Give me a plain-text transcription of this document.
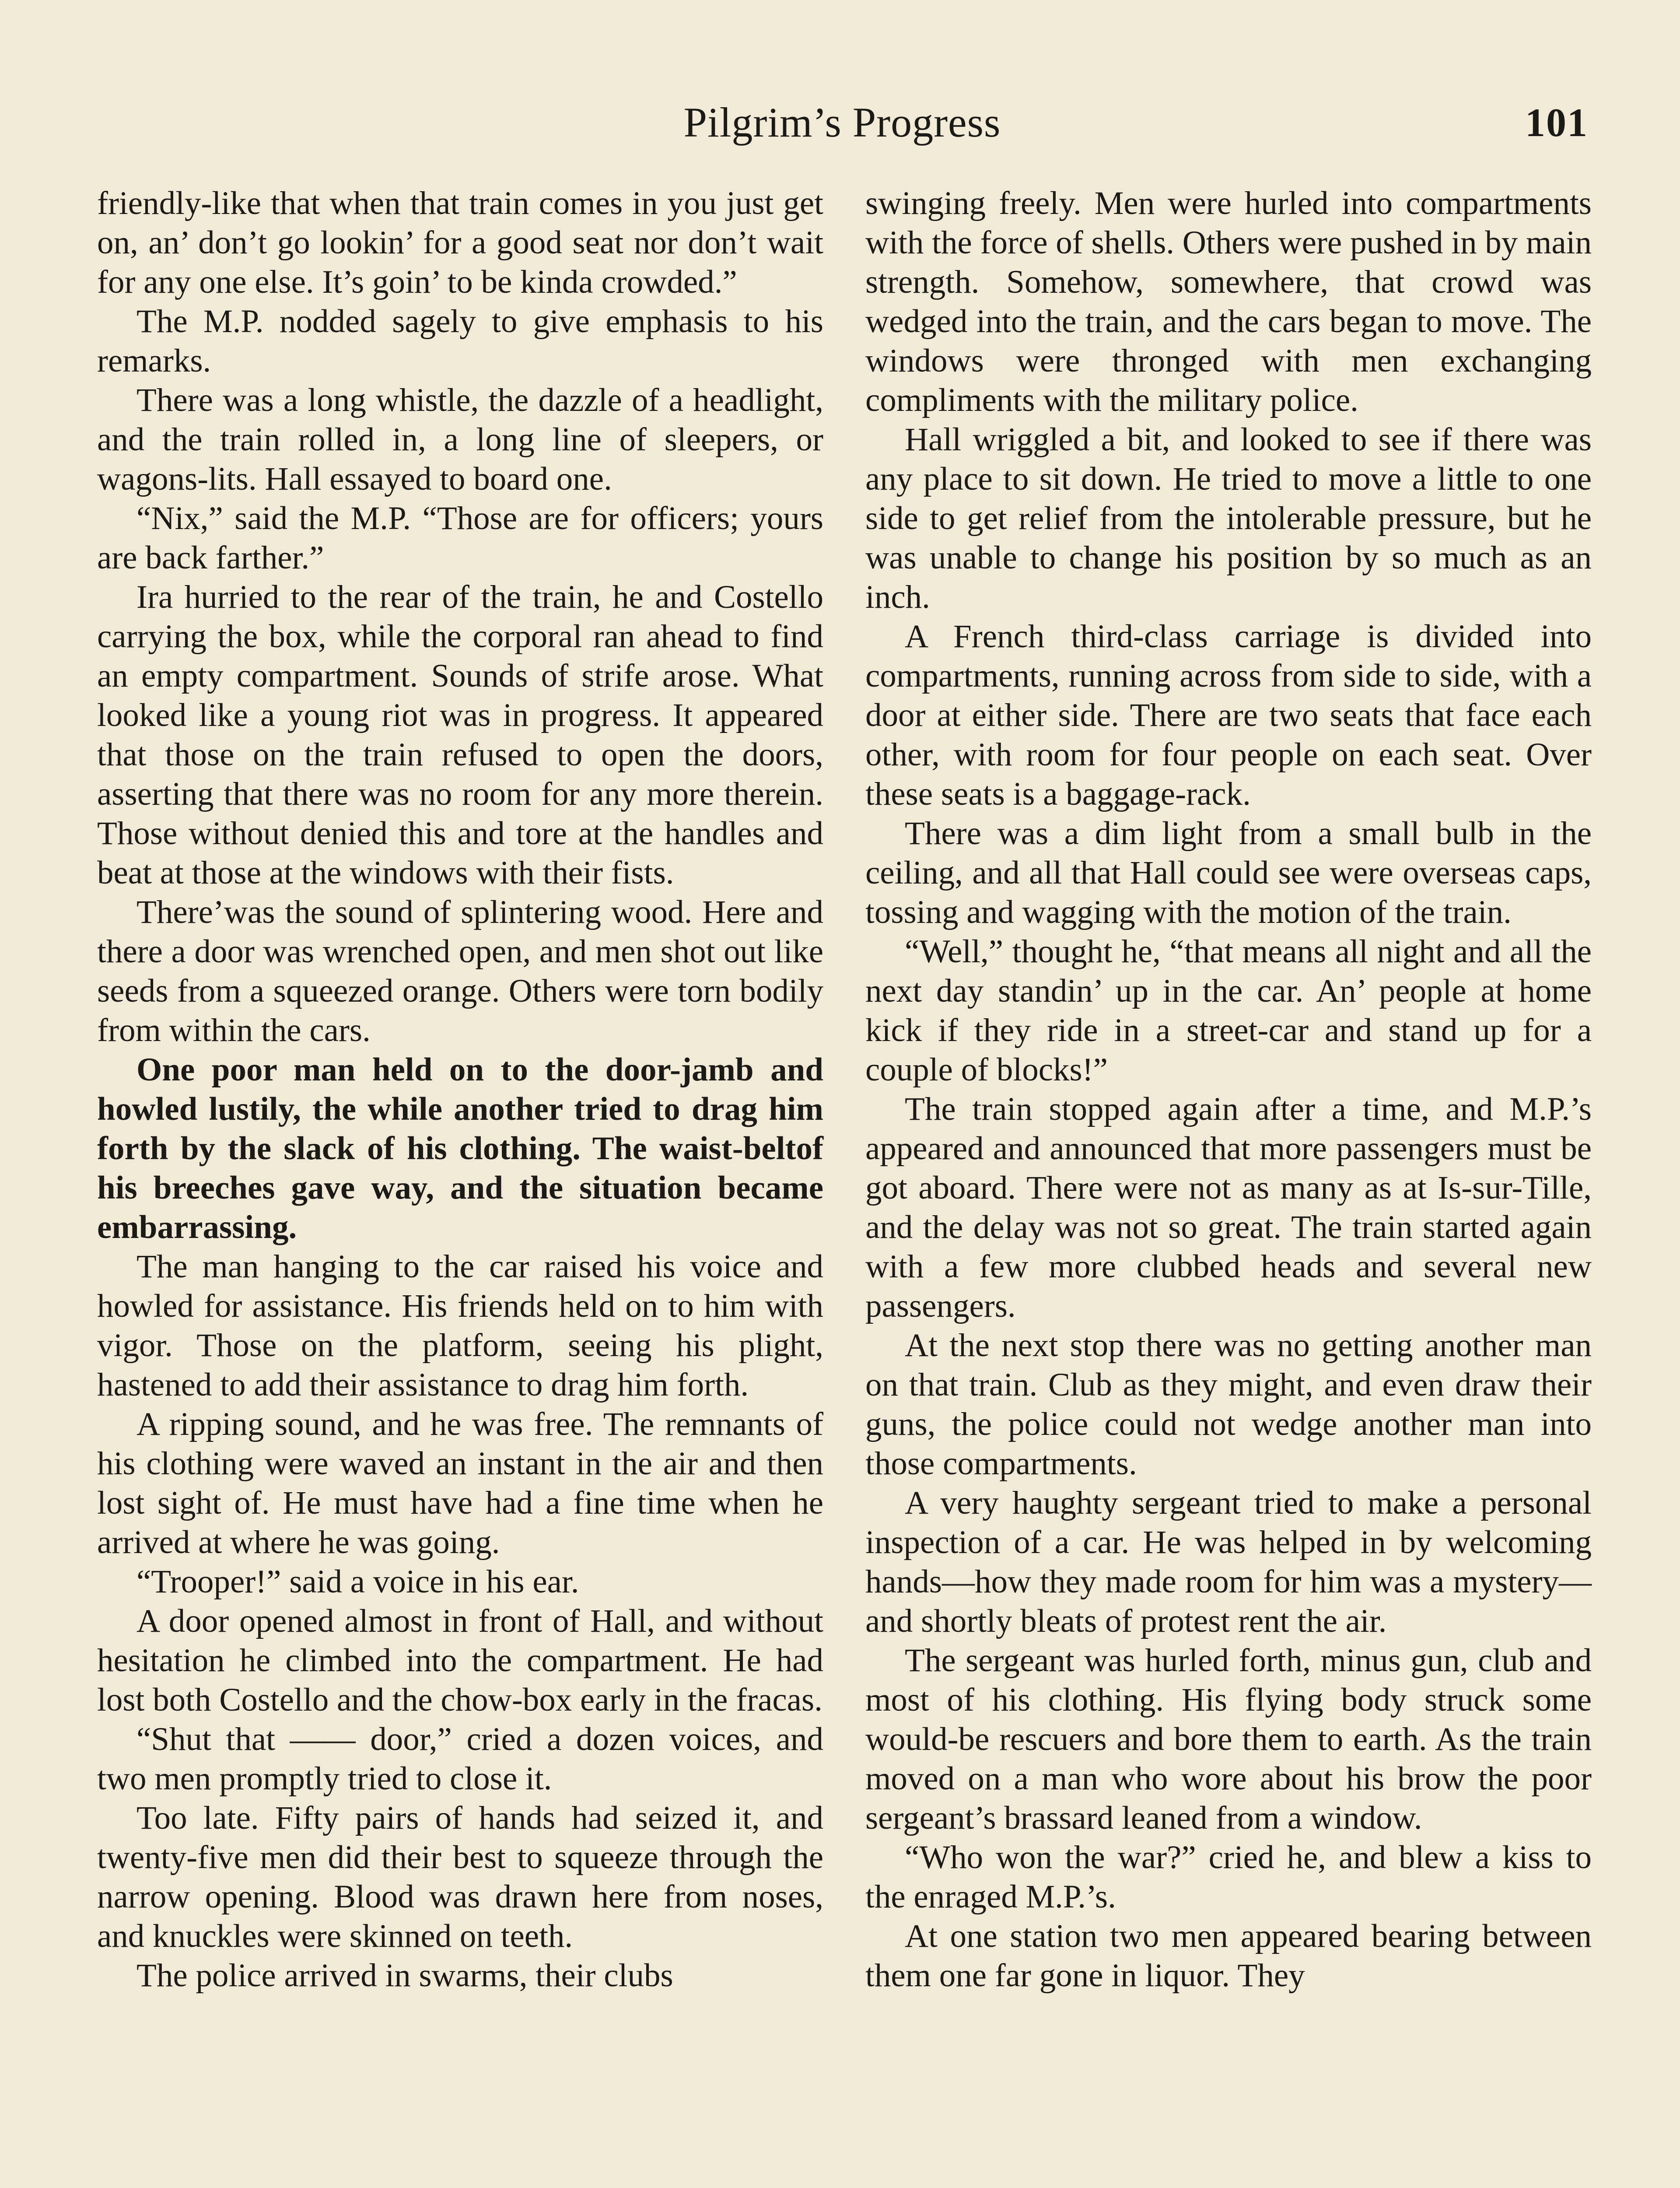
Pilgrim’s Progress	101

friendly-like that when that train comes in you just get on, an’ don’t go lookin’ for a good seat nor don’t wait for any one else. It’s goin’ to be kinda crowded.”

The M.P. nodded sagely to give emphasis to his remarks.

There was a long whistle, the dazzle of a headlight, and the train rolled in, a long line of sleepers, or wagons-lits. Hall essayed to board one.

“Nix,” said the M.P. “Those are for officers; yours are back farther.”

Ira hurried to the rear of the train, he and Costello carrying the box, while the corporal ran ahead to find an empty compartment. Sounds of strife arose. What looked like a young riot was in progress. It appeared that those on the train refused to open the doors, asserting that there was no room for any more therein. Those without denied this and tore at the handles and beat at those at the windows with their fists.

There’was the sound of splintering wood. Here and there a door was wrenched open, and men shot out like seeds from a squeezed orange. Others were torn bodily from within the cars.

One poor man held on to the door-jamb and howled lustily, the while another tried to drag him forth by the slack of his clothing. The waist-beltof his breeches gave way, and the situation became embarrassing.

The man hanging to the car raised his voice and howled for assistance. His friends held on to him with vigor. Those on the platform, seeing his plight, hastened to add their assistance to drag him forth.

A ripping sound, and he was free. The remnants of his clothing were waved an instant in the air and then lost sight of. He must have had a fine time when he arrived at where he was going.

“Trooper!” said a voice in his ear.

A door opened almost in front of Hall, and without hesitation he climbed into the compartment. He had lost both Costello and the chow-box early in the fracas.

“Shut that —— door,” cried a dozen voices, and two men promptly tried to close it.

Too late. Fifty pairs of hands had seized it, and twenty-five men did their best to squeeze through the narrow opening. Blood was drawn here from noses, and knuckles were skinned on teeth.

The police arrived in swarms, their clubs

swinging freely. Men were hurled into compartments with the force of shells. Others were pushed in by main strength. Somehow, somewhere, that crowd was wedged into the train, and the cars began to move. The windows were thronged with men exchanging compliments with the military police.

Hall wriggled a bit, and looked to see if there was any place to sit down. He tried to move a little to one side to get relief from the intolerable pressure, but he was unable to change his position by so much as an inch.

A French third-class carriage is divided into compartments, running across from side to side, with a door at either side. There are two seats that face each other, with room for four people on each seat. Over these seats is a baggage-rack.

There was a dim light from a small bulb in the ceiling, and all that Hall could see were overseas caps, tossing and wagging with the motion of the train.

“Well,” thought he, “that means all night and all the next day standin’ up in the car. An’ people at home kick if they ride in a street-car and stand up for a couple of blocks!”

The train stopped again after a time, and M.P.’s appeared and announced that more passengers must be got aboard. There were not as many as at Is-sur-Tille, and the delay was not so great. The train started again with a few more clubbed heads and several new passengers.

At the next stop there was no getting another man on that train. Club as they might, and even draw their guns, the police could not wedge another man into those compartments.

A very haughty sergeant tried to make a personal inspection of a car. He was helped in by welcoming hands—how they made room for him was a mystery—and shortly bleats of protest rent the air.

The sergeant was hurled forth, minus gun, club and most of his clothing. His flying body struck some would-be rescuers and bore them to earth. As the train moved on a man who wore about his brow the poor sergeant’s brassard leaned from a window.

“Who won the war?” cried he, and blew a kiss to the enraged M.P.’s.

At one station two men appeared bearing between them one far gone in liquor. They
